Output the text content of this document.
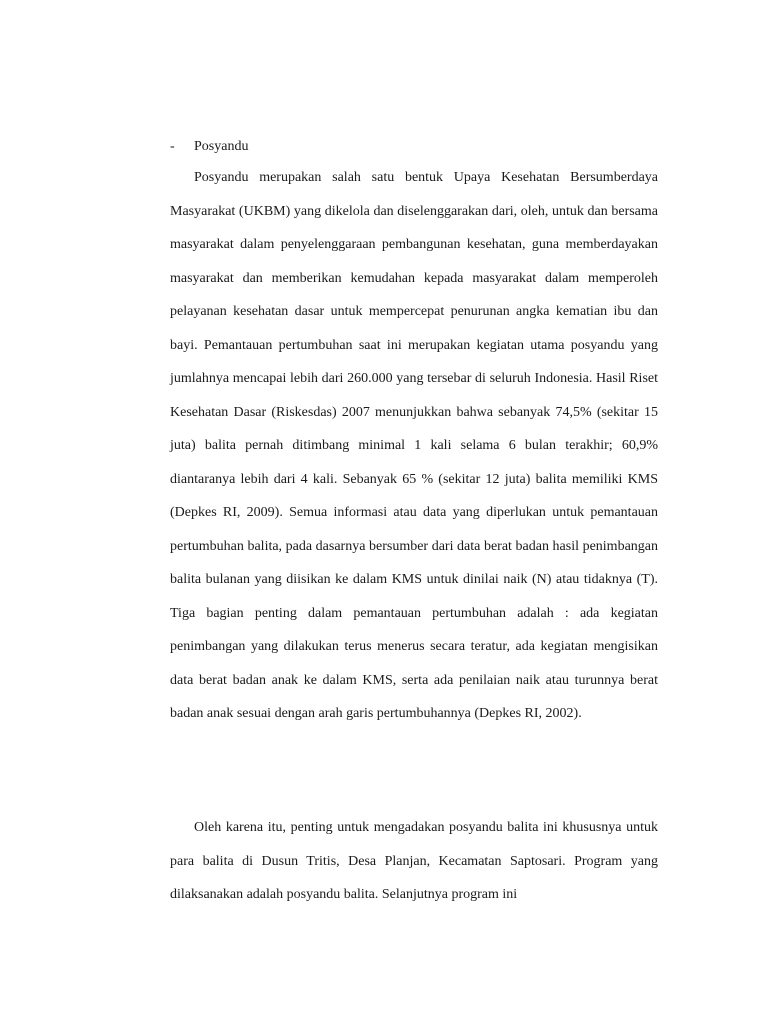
- Posyandu

Posyandu merupakan salah satu bentuk Upaya Kesehatan Bersumberdaya Masyarakat (UKBM) yang dikelola dan diselenggarakan dari, oleh, untuk dan bersama masyarakat dalam penyelenggaraan pembangunan kesehatan, guna memberdayakan masyarakat dan memberikan kemudahan kepada masyarakat dalam memperoleh pelayanan kesehatan dasar untuk mempercepat penurunan angka kematian ibu dan bayi. Pemantauan pertumbuhan saat ini merupakan kegiatan utama posyandu yang jumlahnya mencapai lebih dari 260.000 yang tersebar di seluruh Indonesia. Hasil Riset Kesehatan Dasar (Riskesdas) 2007 menunjukkan bahwa sebanyak 74,5% (sekitar 15 juta) balita pernah ditimbang minimal 1 kali selama 6 bulan terakhir; 60,9% diantaranya lebih dari 4 kali. Sebanyak 65 % (sekitar 12 juta) balita memiliki KMS (Depkes RI, 2009). Semua informasi atau data yang diperlukan untuk pemantauan pertumbuhan balita, pada dasarnya bersumber dari data berat badan hasil penimbangan balita bulanan yang diisikan ke dalam KMS untuk dinilai naik (N) atau tidaknya (T). Tiga bagian penting dalam pemantauan pertumbuhan adalah : ada kegiatan penimbangan yang dilakukan terus menerus secara teratur, ada kegiatan mengisikan data berat badan anak ke dalam KMS, serta ada penilaian naik atau turunnya berat badan anak sesuai dengan arah garis pertumbuhannya (Depkes RI, 2002).

Oleh karena itu, penting untuk mengadakan posyandu balita ini khususnya untuk para balita di Dusun Tritis, Desa Planjan, Kecamatan Saptosari. Program yang dilaksanakan adalah posyandu balita. Selanjutnya program ini
